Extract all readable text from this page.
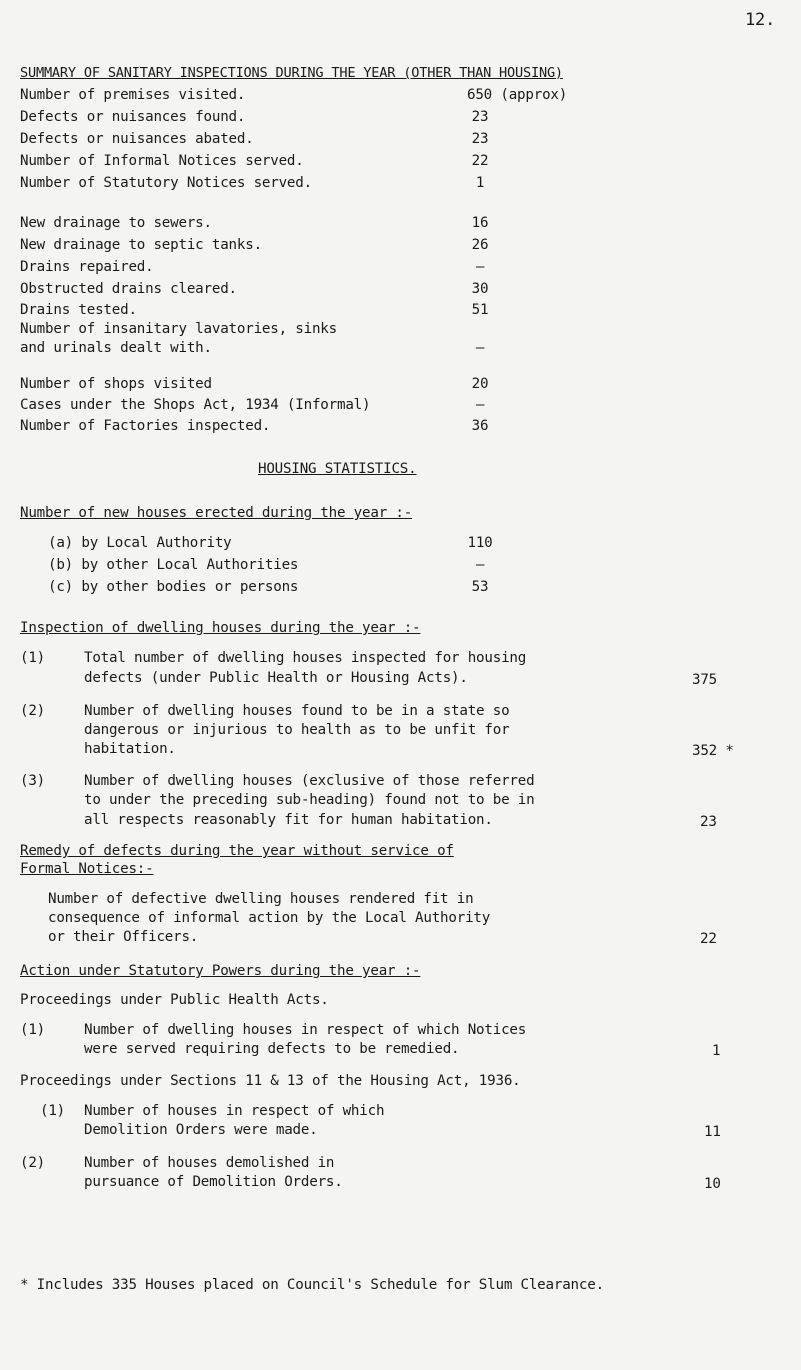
12.
SUMMARY OF SANITARY INSPECTIONS DURING THE YEAR (OTHER THAN HOUSING)
Number of premises visited.	650 (approx)
Defects or nuisances found.	23
Defects or nuisances abated.	23
Number of Informal Notices served.	22
Number of Statutory Notices served.	1
New drainage to sewers.	16
New drainage to septic tanks.	26
Drains repaired.	—
Obstructed drains cleared.	30
Drains tested.	51
Number of insanitary lavatories, sinks
and urinals dealt with.	—
Number of shops visited	20
Cases under the Shops Act, 1934 (Informal)	—
Number of Factories inspected.	36
HOUSING STATISTICS.
Number of new houses erected during the year :-
(a) by Local Authority	110
(b) by other Local Authorities	—
(c) by other bodies or persons	53
Inspection of dwelling houses during the year :-
(1)	Total number of dwelling houses inspected for housing
defects (under Public Health or Housing Acts).	375
(2)	Number of dwelling houses found to be in a state so
dangerous or injurious to health as to be unfit for
habitation.	352 *
(3)	Number of dwelling houses (exclusive of those referred
to under the preceding sub-heading) found not to be in
all respects reasonably fit for human habitation.	23
Remedy of defects during the year without service of
Formal Notices:-
Number of defective dwelling houses rendered fit in
consequence of informal action by the Local Authority
or their Officers.	22
Action under Statutory Powers during the year :-
Proceedings under Public Health Acts.
(1)	Number of dwelling houses in respect of which Notices
were served requiring defects to be remedied.	1
Proceedings under Sections 11 & 13 of the Housing Act, 1936.
(1) Number of houses in respect of which
Demolition Orders were made.	11
(2)	Number of houses demolished in
pursuance of Demolition Orders.	10
* Includes 335 Houses placed on Council's Schedule for Slum Clearance.
